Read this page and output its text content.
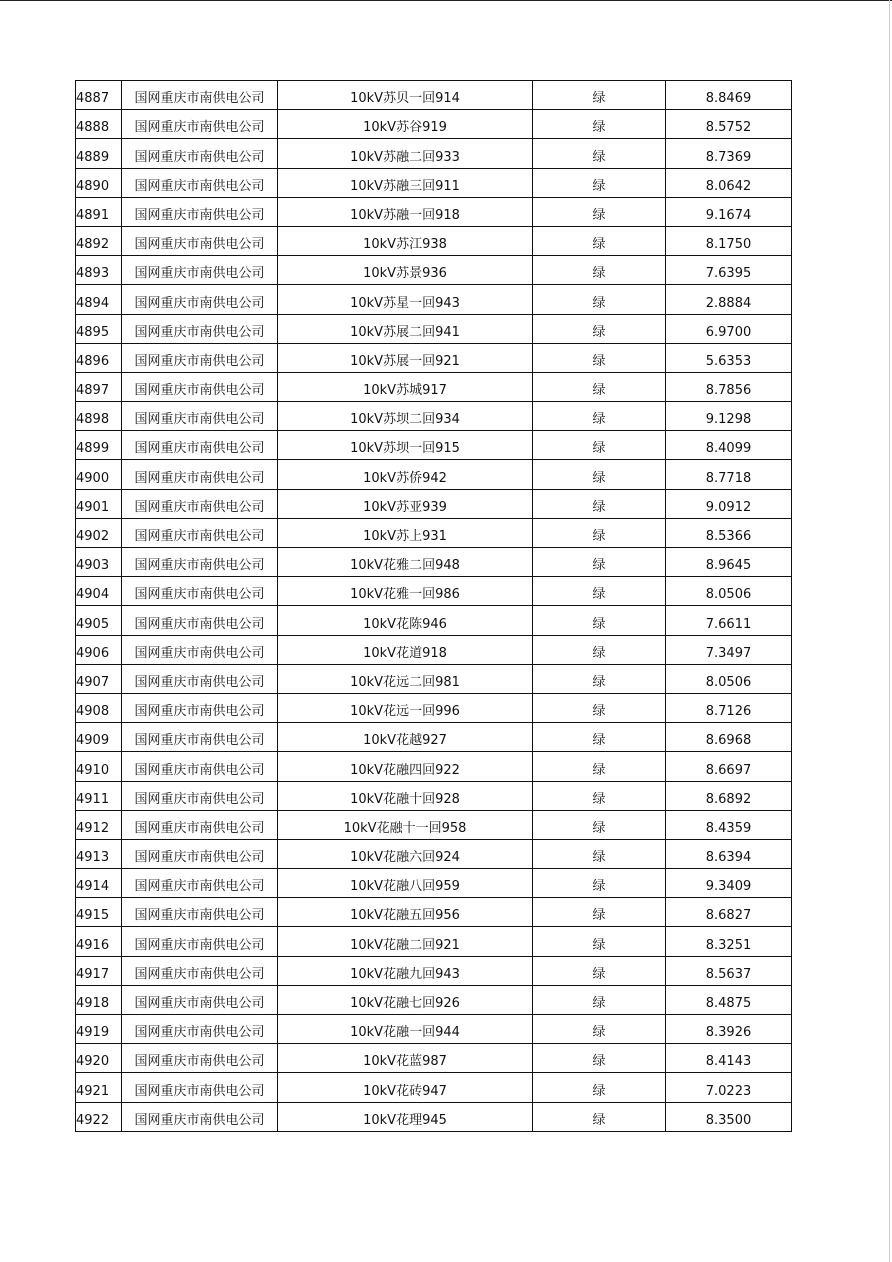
4887	国网重庆市南供电公司	10kV苏贝一回914	绿	8.8469
4888	国网重庆市南供电公司	10kV苏谷919	绿	8.5752
4889	国网重庆市南供电公司	10kV苏融二回933	绿	8.7369
4890	国网重庆市南供电公司	10kV苏融三回911	绿	8.0642
4891	国网重庆市南供电公司	10kV苏融一回918	绿	9.1674
4892	国网重庆市南供电公司	10kV苏江938	绿	8.1750
4893	国网重庆市南供电公司	10kV苏景936	绿	7.6395
4894	国网重庆市南供电公司	10kV苏星一回943	绿	2.8884
4895	国网重庆市南供电公司	10kV苏展二回941	绿	6.9700
4896	国网重庆市南供电公司	10kV苏展一回921	绿	5.6353
4897	国网重庆市南供电公司	10kV苏城917	绿	8.7856
4898	国网重庆市南供电公司	10kV苏坝二回934	绿	9.1298
4899	国网重庆市南供电公司	10kV苏坝一回915	绿	8.4099
4900	国网重庆市南供电公司	10kV苏侨942	绿	8.7718
4901	国网重庆市南供电公司	10kV苏亚939	绿	9.0912
4902	国网重庆市南供电公司	10kV苏上931	绿	8.5366
4903	国网重庆市南供电公司	10kV花雅二回948	绿	8.9645
4904	国网重庆市南供电公司	10kV花雅一回986	绿	8.0506
4905	国网重庆市南供电公司	10kV花陈946	绿	7.6611
4906	国网重庆市南供电公司	10kV花道918	绿	7.3497
4907	国网重庆市南供电公司	10kV花远二回981	绿	8.0506
4908	国网重庆市南供电公司	10kV花远一回996	绿	8.7126
4909	国网重庆市南供电公司	10kV花越927	绿	8.6968
4910	国网重庆市南供电公司	10kV花融四回922	绿	8.6697
4911	国网重庆市南供电公司	10kV花融十回928	绿	8.6892
4912	国网重庆市南供电公司	10kV花融十一回958	绿	8.4359
4913	国网重庆市南供电公司	10kV花融六回924	绿	8.6394
4914	国网重庆市南供电公司	10kV花融八回959	绿	9.3409
4915	国网重庆市南供电公司	10kV花融五回956	绿	8.6827
4916	国网重庆市南供电公司	10kV花融二回921	绿	8.3251
4917	国网重庆市南供电公司	10kV花融九回943	绿	8.5637
4918	国网重庆市南供电公司	10kV花融七回926	绿	8.4875
4919	国网重庆市南供电公司	10kV花融一回944	绿	8.3926
4920	国网重庆市南供电公司	10kV花蓝987	绿	8.4143
4921	国网重庆市南供电公司	10kV花砖947	绿	7.0223
4922	国网重庆市南供电公司	10kV花理945	绿	8.3500
